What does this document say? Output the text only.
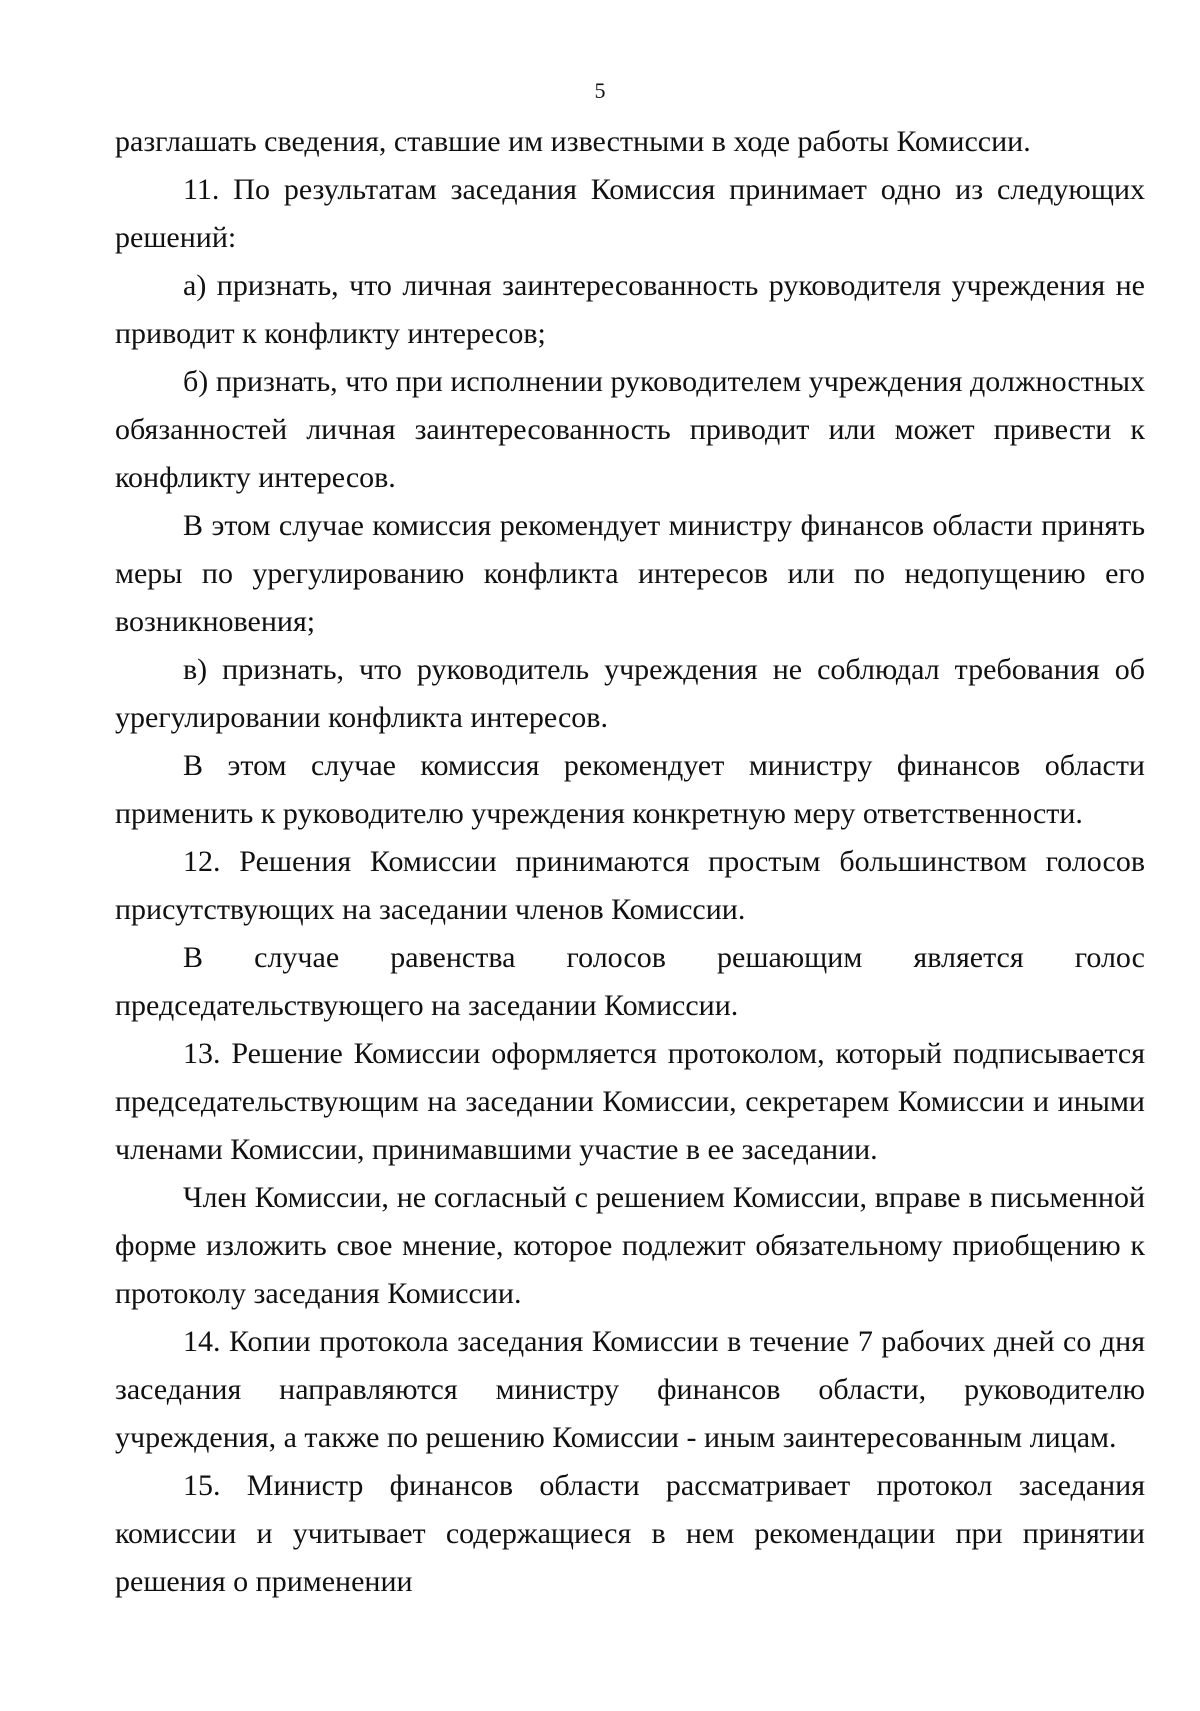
5

разглашать сведения, ставшие им известными в ходе работы Комиссии.

11. По результатам заседания Комиссия принимает одно из следующих решений:

а) признать, что личная заинтересованность руководителя учреждения не приводит к конфликту интересов;

б) признать, что при исполнении руководителем учреждения должностных обязанностей личная заинтересованность приводит или может привести к конфликту интересов.

В этом случае комиссия рекомендует министру финансов области принять меры по урегулированию конфликта интересов или по недопущению его возникновения;

в) признать, что руководитель учреждения не соблюдал требования об урегулировании конфликта интересов.

В этом случае комиссия рекомендует министру финансов области применить к руководителю учреждения конкретную меру ответственности.

12. Решения Комиссии принимаются простым большинством голосов присутствующих на заседании членов Комиссии.

В случае равенства голосов решающим является голос председательствующего на заседании Комиссии.

13. Решение Комиссии оформляется протоколом, который подписывается председательствующим на заседании Комиссии, секретарем Комиссии и иными членами Комиссии, принимавшими участие в ее заседании.

Член Комиссии, не согласный с решением Комиссии, вправе в письменной форме изложить свое мнение, которое подлежит обязательному приобщению к протоколу заседания Комиссии.

14. Копии протокола заседания Комиссии в течение 7 рабочих дней со дня заседания направляются министру финансов области, руководителю учреждения, а также по решению Комиссии - иным заинтересованным лицам.

15. Министр финансов области рассматривает протокол заседания комиссии и учитывает содержащиеся в нем рекомендации при принятии решения о применении
